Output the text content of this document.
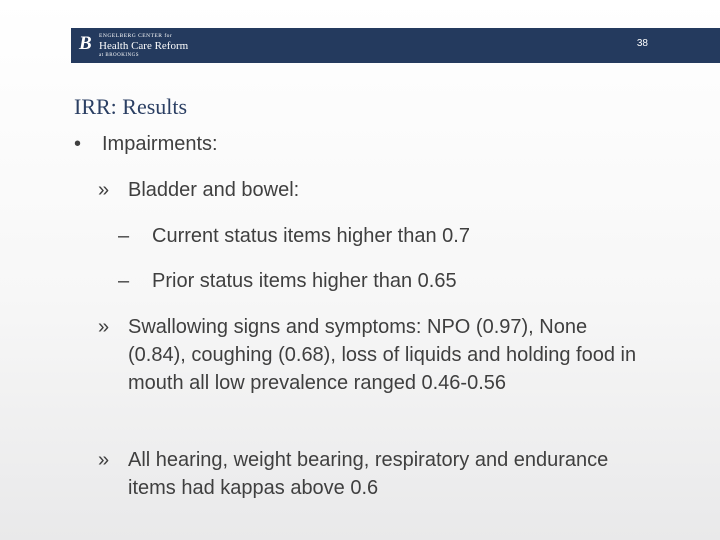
B ENGELBERG CENTER for
Health Care Reform
at BROOKINGS
38
IRR: Results
• Impairments:
» Bladder and bowel:
– Current status items higher than 0.7
– Prior status items higher than 0.65
» Swallowing signs and symptoms: NPO (0.97), None (0.84), coughing (0.68), loss of liquids and holding food in mouth all low prevalence ranged 0.46-0.56
» All hearing, weight bearing, respiratory and endurance items had kappas above 0.6
